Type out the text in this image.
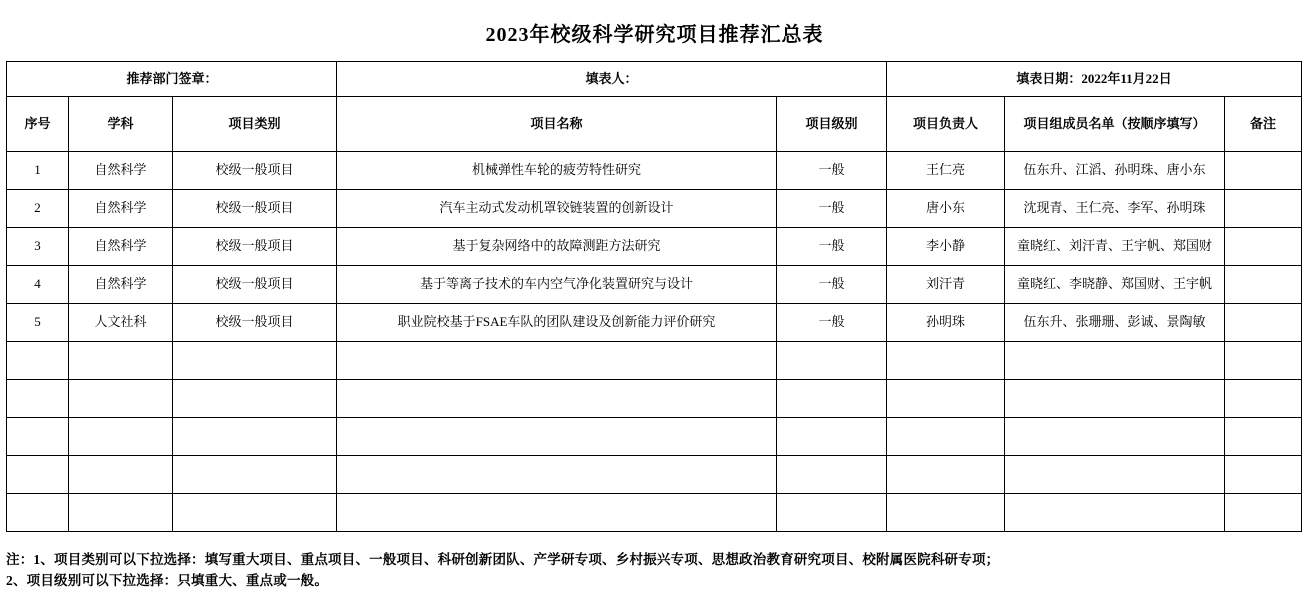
2023年校级科学研究项目推荐汇总表
推荐部门签章：			填表人：		填表日期：2022年11月22日		
序号	学科	项目类别	项目名称	项目级别	项目负责人	项目组成员名单（按顺序填写）	备注
1	自然科学	校级一般项目	机械弹性车轮的疲劳特性研究	一般	王仁亮	伍东升、江滔、孙明珠、唐小东	
2	自然科学	校级一般项目	汽车主动式发动机罩铰链装置的创新设计	一般	唐小东	沈现青、王仁亮、李军、孙明珠	
3	自然科学	校级一般项目	基于复杂网络中的故障测距方法研究	一般	李小静	童晓红、刘汗青、王宇帆、郑国财	
4	自然科学	校级一般项目	基于等离子技术的车内空气净化装置研究与设计	一般	刘汗青	童晓红、李晓静、郑国财、王宇帆	
5	人文社科	校级一般项目	职业院校基于FSAE车队的团队建设及创新能力评价研究	一般	孙明珠	伍东升、张珊珊、彭诚、景陶敏	

注：1、项目类别可以下拉选择：填写重大项目、重点项目、一般项目、科研创新团队、产学研专项、乡村振兴专项、思想政治教育研究项目、校附属医院科研专项；
2、项目级别可以下拉选择：只填重大、重点或一般。
